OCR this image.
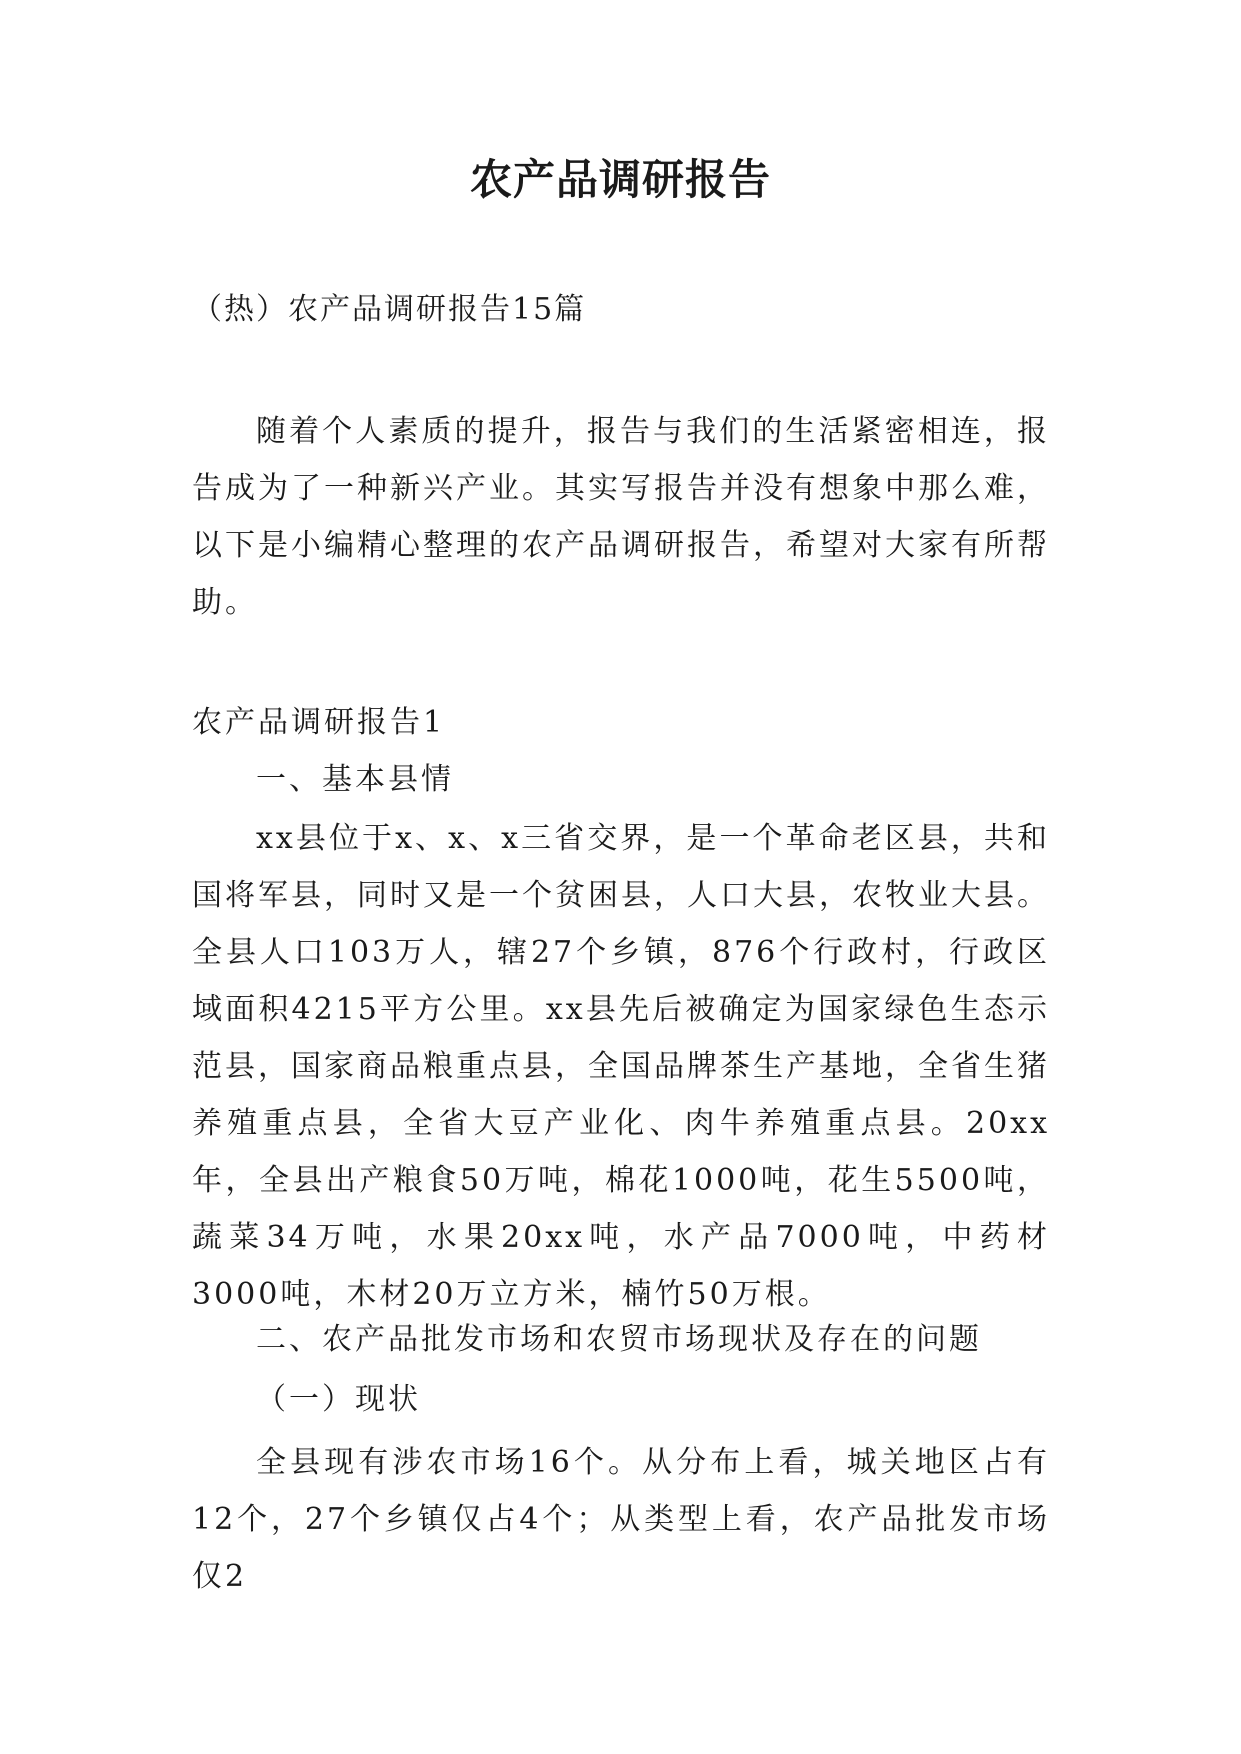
农产品调研报告
（热）农产品调研报告15篇
随着个人素质的提升，报告与我们的生活紧密相连，报告成为了一种新兴产业。其实写报告并没有想象中那么难，以下是小编精心整理的农产品调研报告，希望对大家有所帮助。
农产品调研报告1
一、基本县情
xx县位于x、x、x三省交界，是一个革命老区县，共和国将军县，同时又是一个贫困县，人口大县，农牧业大县。全县人口103万人，辖27个乡镇，876个行政村，行政区域面积4215平方公里。xx县先后被确定为国家绿色生态示范县，国家商品粮重点县，全国品牌茶生产基地，全省生猪养殖重点县，全省大豆产业化、肉牛养殖重点县。20xx年，全县出产粮食50万吨，棉花1000吨，花生5500吨，蔬菜34万吨，水果20xx吨，水产品7000吨，中药材3000吨，木材20万立方米，楠竹50万根。
二、农产品批发市场和农贸市场现状及存在的问题
（一）现状
全县现有涉农市场16个。从分布上看，城关地区占有12个，27个乡镇仅占4个；从类型上看，农产品批发市场仅2
